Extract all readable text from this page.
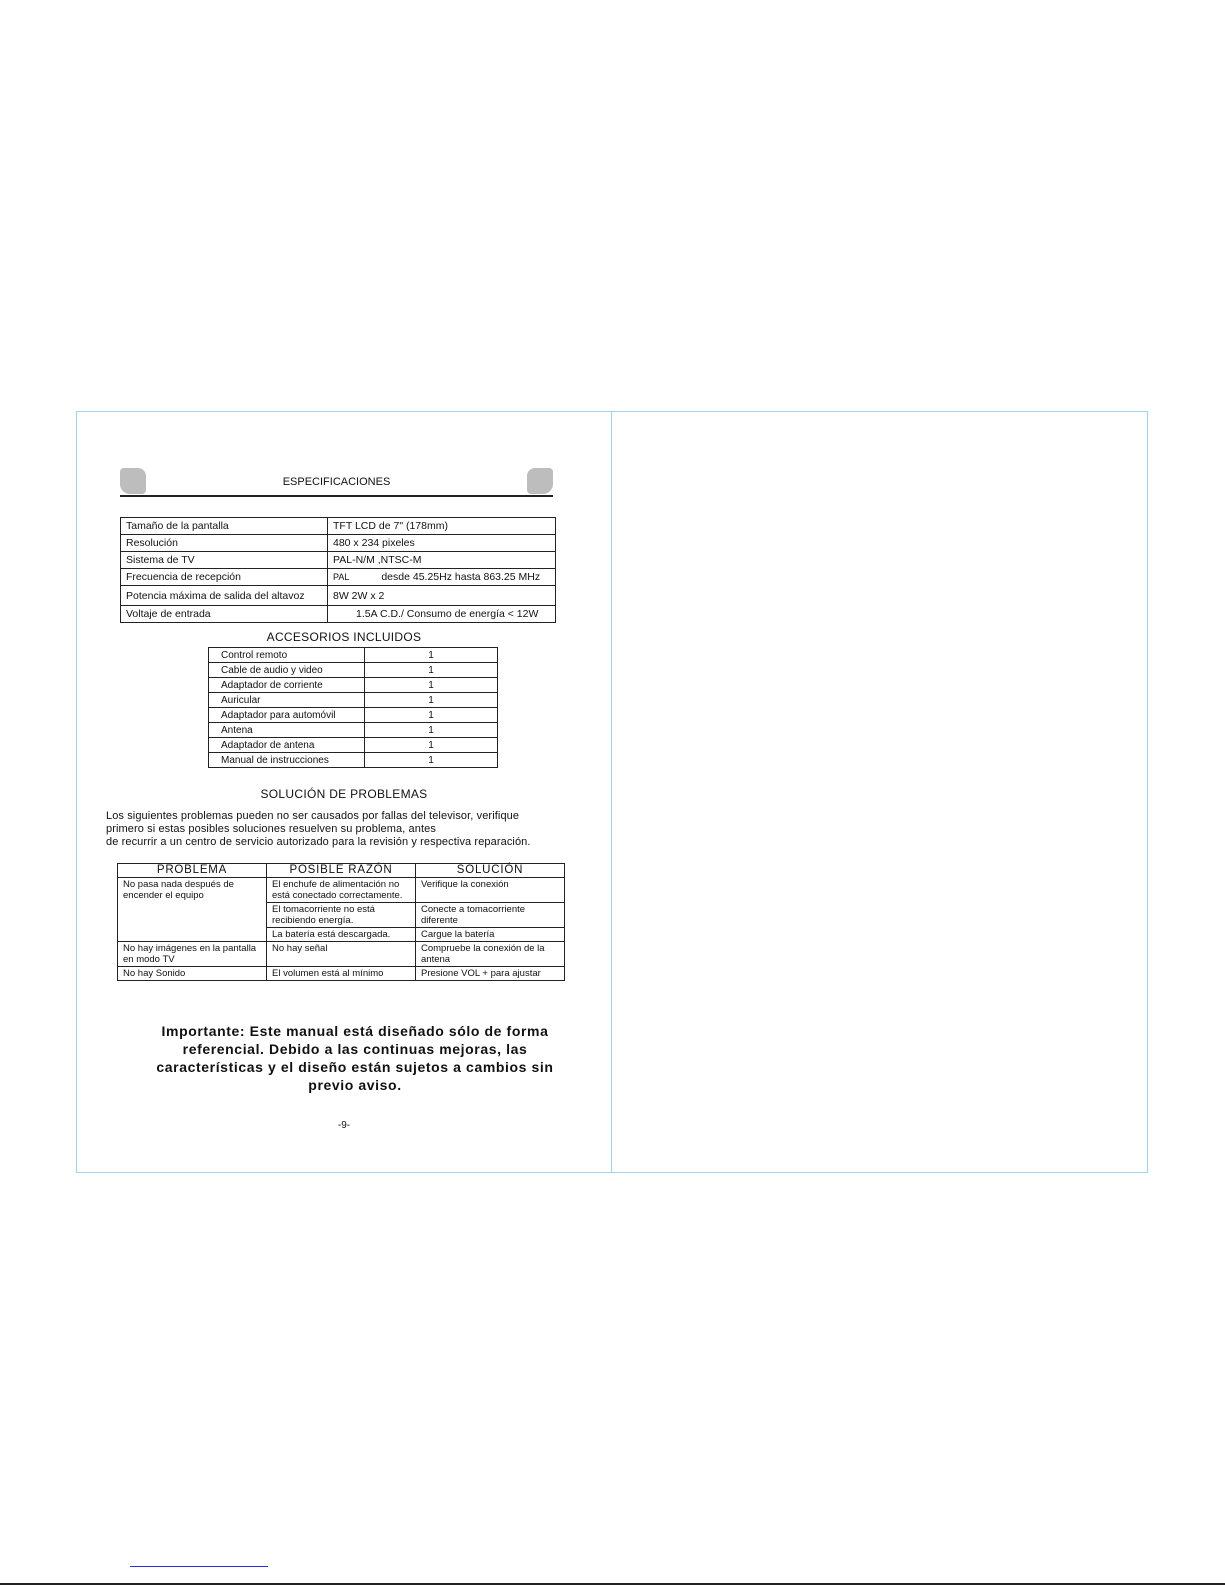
ESPECIFICACIONES
Tamaño de la pantalla	TFT LCD de 7" (178mm)
Resolución	480 x 234 pixeles
Sistema de TV	PAL-N/M ,NTSC-M
Frecuencia de recepción	PAL desde 45.25Hz hasta 863.25 MHz
Potencia máxima de salida del altavoz	8W 2W x 2
Voltaje de entrada	1.5A C.D./ Consumo de energía < 12W
ACCESORIOS INCLUIDOS
Control remoto	1
Cable de audio y video	1
Adaptador de corriente	1
Auricular	1
Adaptador para automóvil	1
Antena	1
Adaptador de antena	1
Manual de instrucciones	1
SOLUCIÓN DE PROBLEMAS
Los siguientes problemas pueden no ser causados por fallas del televisor, verifique
primero si estas posibles soluciones resuelven su problema, antes
de recurrir a un centro de servicio autorizado para la revisión y respectiva reparación.
PROBLEMA	POSIBLE RAZÓN	SOLUCIÓN
No pasa nada después de encender el equipo	El enchufe de alimentación no está conectado correctamente.	Verifique la conexión
	El tomacorriente no está recibiendo energía.	Conecte a tomacorriente diferente
	La batería está descargada.	Cargue la batería
No hay imágenes en la pantalla en modo TV	No hay señal	Compruebe la conexión de la antena
No hay Sonido	El volumen está al mínimo	Presione VOL + para ajustar
Importante: Este manual está diseñado sólo de forma referencial. Debido a las continuas mejoras, las características y el diseño están sujetos a cambios sin previo aviso.
-9-
